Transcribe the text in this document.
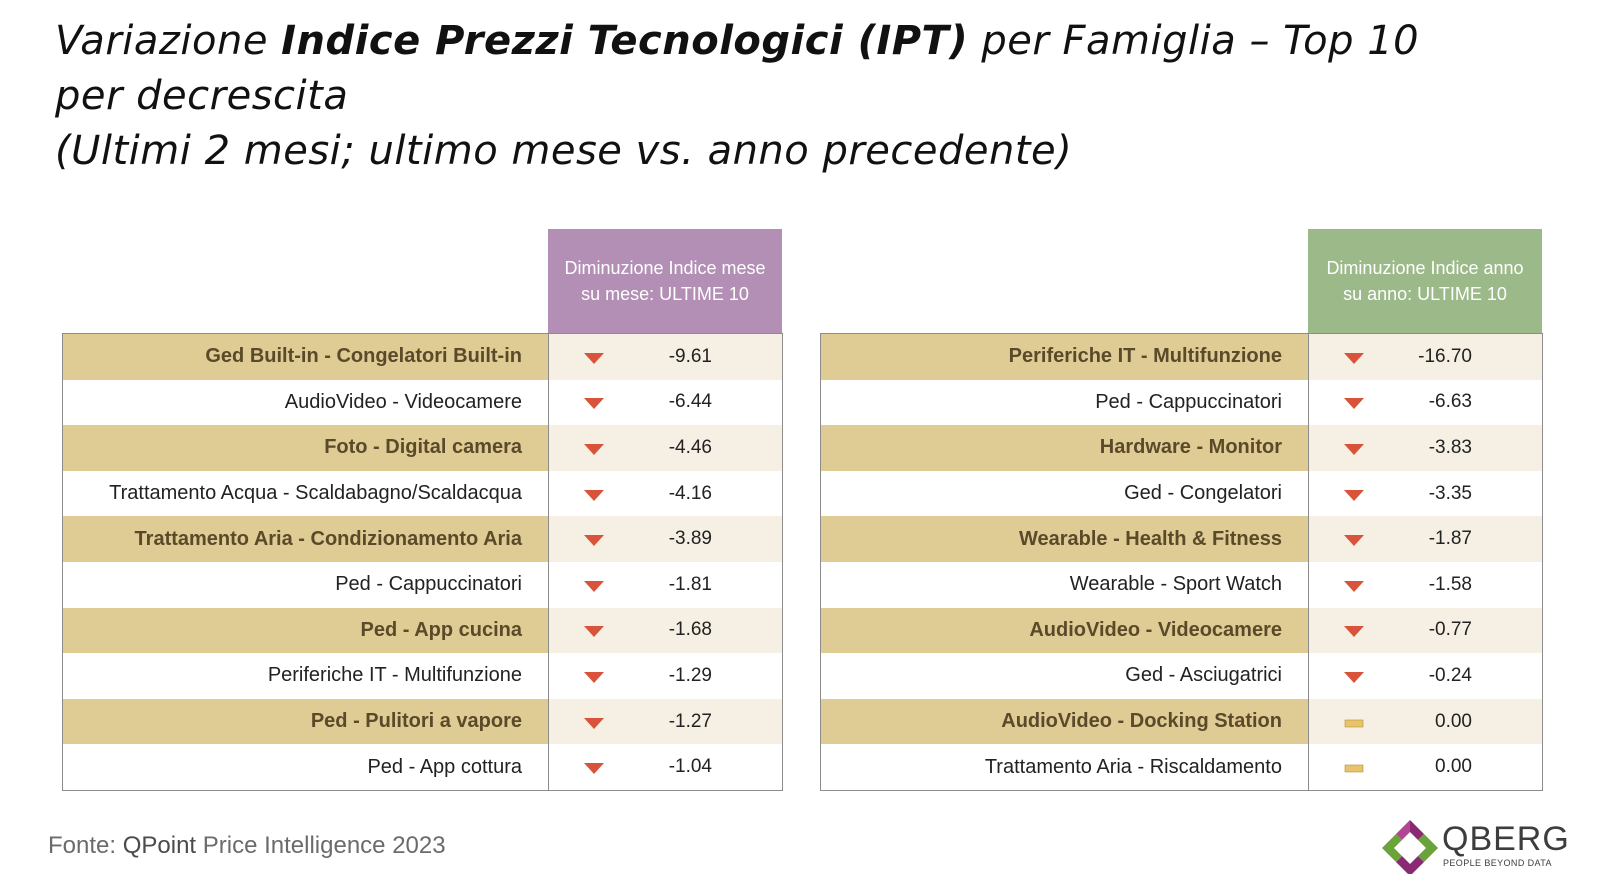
Variazione Indice Prezzi Tecnologici (IPT) per Famiglia – Top 10
per decrescita
(Ultimi 2 mesi; ultimo mese vs. anno precedente)
Diminuzione Indice mese su mese: ULTIME 10
Ged Built-in - Congelatori Built-in	-9.61
AudioVideo - Videocamere	-6.44
Foto - Digital camera	-4.46
Trattamento Acqua - Scaldabagno/Scaldacqua	-4.16
Trattamento Aria - Condizionamento Aria	-3.89
Ped - Cappuccinatori	-1.81
Ped - App cucina	-1.68
Periferiche IT - Multifunzione	-1.29
Ped - Pulitori a vapore	-1.27
Ped - App cottura	-1.04
Diminuzione Indice anno su anno: ULTIME 10
Periferiche IT - Multifunzione	-16.70
Ped - Cappuccinatori	-6.63
Hardware - Monitor	-3.83
Ged - Congelatori	-3.35
Wearable - Health & Fitness	-1.87
Wearable - Sport Watch	-1.58
AudioVideo - Videocamere	-0.77
Ged - Asciugatrici	-0.24
AudioVideo - Docking Station	0.00
Trattamento Aria - Riscaldamento	0.00
Fonte: QPoint Price Intelligence 2023	QBERG
PEOPLE BEYOND DATA
